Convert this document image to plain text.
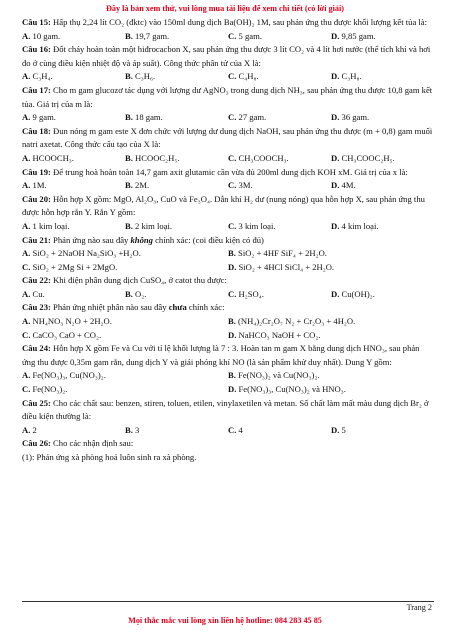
Đây là bản xem thử, vui lòng mua tài liệu để xem chi tiết (có lời giải)

Câu 15: Hấp thụ 2,24 lít CO₂ (đktc) vào 150ml dung dịch Ba(OH)₂ 1M, sau phản ứng thu được khối lượng kết tủa là:

A. 10 gam.	B. 19,7 gam.	C. 5 gam.	D. 9,85 gam.

Câu 16: Đốt cháy hoàn toàn một hiđrocacbon X, sau phản ứng thu được 3 lít CO₂ và 4 lít hơi nước (thể tích khí và hơi đo ở cùng điều kiện nhiệt độ và áp suất). Công thức phân tử của X là:

A. C₃H₄.	B. C₃H₆.	C. C₄H₈.	D. C₃H₈.

Câu 17: Cho m gam glucozơ tác dụng với lượng dư AgNO₃ trong dung dịch NH₃, sau phản ứng thu được 10,8 gam kết tủa. Giá trị của m là:

A. 9 gam.	B. 18 gam.	C. 27 gam.	D. 36 gam.

Câu 18: Đun nóng m gam este X đơn chức với lượng dư dung dịch NaOH, sau phản ứng thu được (m + 0,8) gam muối natri axetat. Công thức cấu tạo của X là:

A. HCOOCH₃.	B. HCOOC₂H₅.	C. CH₃COOCH₃.	D. CH₃COOC₂H₅.

Câu 19: Để trung hoà hoàn toàn 14,7 gam axit glutamic cần vừa đủ 200ml dung dịch KOH xM. Giá trị của x là:

A. 1M.	B. 2M.	C. 3M.	D. 4M.

Câu 20: Hỗn hợp X gồm: MgO, Al₂O₃, CuO và Fe₃O₄. Dẫn khí H₂ dư (nung nóng) qua hỗn hợp X, sau phản ứng thu được hỗn hợp rắn Y. Rắn Y gồm:

A. 1 kim loại.	B. 2 kim loại.	C. 3 kim loại.	D. 4 kim loại.

Câu 21: Phản ứng nào sau đây không chính xác: (coi điều kiện có đủ)

A. SiO₂ + 2NaOH Na₂SiO₃ +H₂O.	B. SiO₂ + 4HF SiF₄ + 2H₂O.
C. SiO₂ + 2Mg Si + 2MgO.	D. SiO₂ + 4HCl SiCl₄ + 2H₂O.

Câu 22: Khi điện phân dung dịch CuSO₄, ở catot thu được:

A. Cu.	B. O₂.	C. H₂SO₄.	D. Cu(OH)₂.

Câu 23: Phản ứng nhiệt phân nào sau đây chưa chính xác:

A. NH₄NO₃ N₂O + 2H₂O.	B. (NH₄)₂Cr₂O₇ N₂ + Cr₂O₃ + 4H₂O.
C. CaCO₃ CaO + CO₂.	D. NaHCO₃ NaOH + CO₂.

Câu 24: Hỗn hợp X gồm Fe và Cu với tỉ lệ khối lượng là 7 : 3. Hoàn tan m gam X bằng dung dịch HNO₃, sau phản ứng thu được 0,35m gam rắn, dung dịch Y và giải phóng khí NO (là sản phẩm khử duy nhất). Dung Y gồm:

A. Fe(NO₃)₃, Cu(NO₃)₂.	B. Fe(NO₃)₂ và Cu(NO₃)₂.
C. Fe(NO₃)₂.	D. Fe(NO₃)₃, Cu(NO₃)₂ và HNO₃.

Câu 25: Cho các chất sau: benzen, stiren, toluen, etilen, vinylaxetilen và metan. Số chất làm mất màu dung dịch Br₂ ở điều kiện thường là:

A. 2	B. 3	C. 4	D. 5

Câu 26: Cho các nhận định sau:

(1): Phản ứng xà phòng hoá luôn sinh ra xà phòng.

Trang 2
Mọi thắc mắc vui lòng xin liên hệ hotline: 084 283 45 85
